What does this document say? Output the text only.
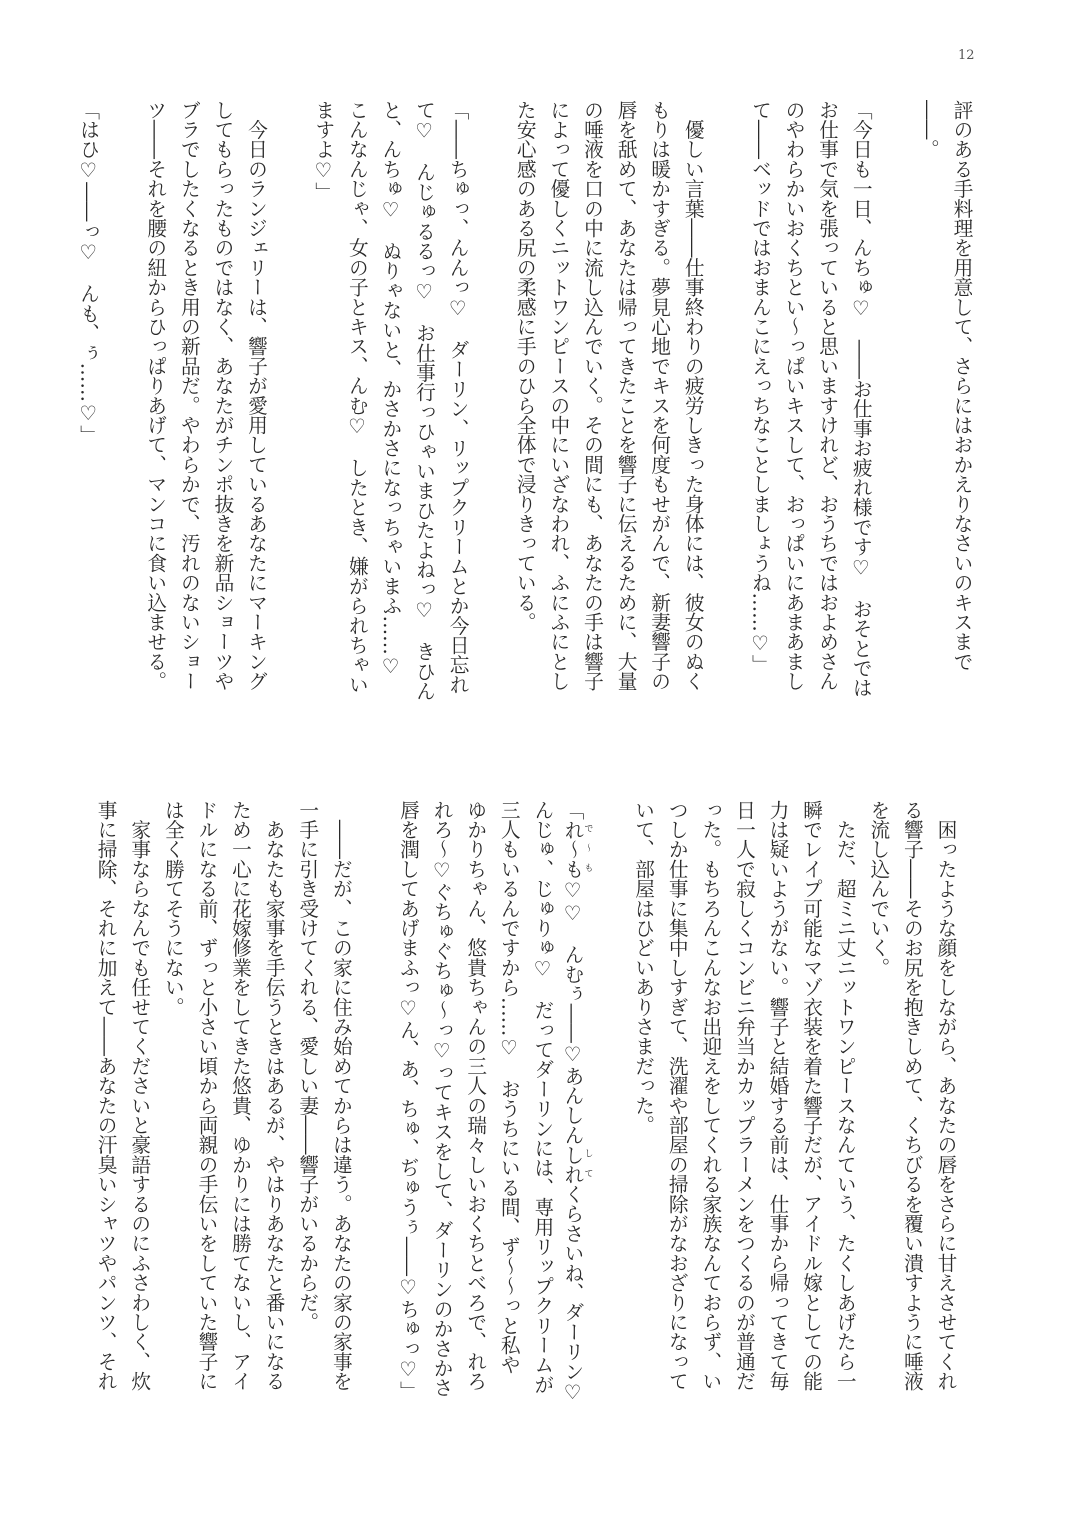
12
評のある手料理を用意して、さらにはおかえりなさいのキスまで
――。

「今日も一日、んちゅ♡　――お仕事お疲れ様です♡　おそとでは
お仕事で気を張っていると思いますけれど、おうちではおよめさん
のやわらかいおくちとい～っぱいキスして、おっぱいにあまあまし
て――ベッドではおまんこにえっちなことしましょうね……♡」

　優しい言葉――仕事終わりの疲労しきった身体には、彼女のぬく
もりは暖かすぎる。夢見心地でキスを何度もせがんで、新妻響子の
唇を舐めて、あなたは帰ってきたことを響子に伝えるために、大量
の唾液を口の中に流し込んでいく。その間にも、あなたの手は響子
によって優しくニットワンピースの中にいざなわれ、ふにふにとし
た安心感のある尻の柔感に手のひら全体で浸りきっている。

「――ちゅっ、んんっ♡　ダーリン、リップクリームとか今日忘れ
て♡　んじゅるるっ♡　お仕事行っひゃいまひたよねっ♡　きひん
と、んちゅ♡　ぬりゃないと、かさかさになっちゃいまふ……♡
こんなんじゃ、女の子とキス、んむ♡　したとき、嫌がられちゃい
ますよ♡」

　今日のランジェリーは、響子が愛用しているあなたにマーキング
してもらったものではなく、あなたがチンポ抜きを新品ショーツや
ブラでしたくなるとき用の新品だ。やわらかで、汚れのないショー
ツ――それを腰の紐からひっぱりあげて、マンコに食い込ませる。

「はひ♡――っ♡　んも、ぅ……♡」
　困ったような顔をしながら、あなたの唇をさらに甘えさせてくれ
る響子――そのお尻を抱きしめて、くちびるを覆い潰すように唾液
を流し込んでいく。
　ただ、超ミニ丈ニットワンピースなんていう、たくしあげたら一
瞬でレイプ可能なマゾ衣装を着た響子だが、アイドル嫁としての能
力は疑いようがない。響子と結婚する前は、仕事から帰ってきて毎
日一人で寂しくコンビニ弁当かカップラーメンをつくるのが普通だ
った。もちろんこんなお出迎えをしてくれる家族なんておらず、い
つしか仕事に集中しすぎて、洗濯や部屋の掃除がなおざりになって
いて、部屋はひどいありさまだった。

「れ～もで～も♡♡　んむぅ――♡あんしんしれしてくらさいね、ダーリン♡
んじゅ、じゅりゅ♡　だってダーリンには、専用リップクリームが
三人もいるんですから……♡　おうちにいる間、ず～～っと私や
ゆかりちゃん、悠貴ちゃんの三人の瑞々しいおくちとべろで、れろ
れろ～♡ぐちゅぐちゅ～っ♡ってキスをして、ダーリンのかさかさ
唇を潤してあげまふっ♡ん、あ、ちゅ、ぢゅうぅ――♡ちゅっ♡」

　――だが、この家に住み始めてからは違う。あなたの家の家事を
一手に引き受けてくれる、愛しい妻――響子がいるからだ。
　あなたも家事を手伝うときはあるが、やはりあなたと番いになる
ため一心に花嫁修業をしてきた悠貴、ゆかりには勝てないし、アイ
ドルになる前、ずっと小さい頃から両親の手伝いをしていた響子に
は全く勝てそうにない。
　家事ならなんでも任せてくださいと豪語するのにふさわしく、炊
事に掃除、それに加えて――あなたの汗臭いシャツやパンツ、それ
